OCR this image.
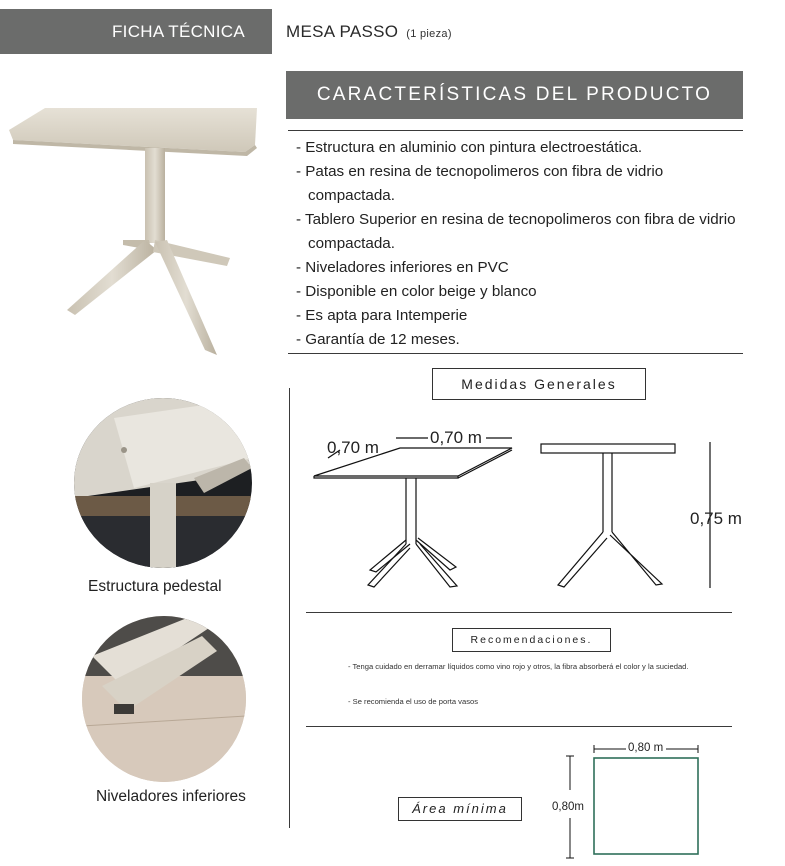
FICHA TÉCNICA MESA PASSO (1 pieza)
CARACTERÍSTICAS DEL PRODUCTO
- Estructura en aluminio con pintura electroestática.
- Patas en resina de tecnopolimeros con fibra de vidrio compactada.
- Tablero Superior en resina de tecnopolimeros con fibra de vidrio compactada.
- Niveladores inferiores en PVC
- Disponible en color beige y blanco
- Es apta para Intemperie
- Garantía de 12 meses.
Estructura pedestal
Niveladores inferiores
Medidas Generales
0,70 m
0,70 m
0,75 m
Recomendaciones.
- Tenga cuidado en derramar líquidos como vino rojo y otros, la fibra absorberá el color y la suciedad.
- Se recomienda el uso de porta vasos
Área mínima
0,80 m
0,80m
